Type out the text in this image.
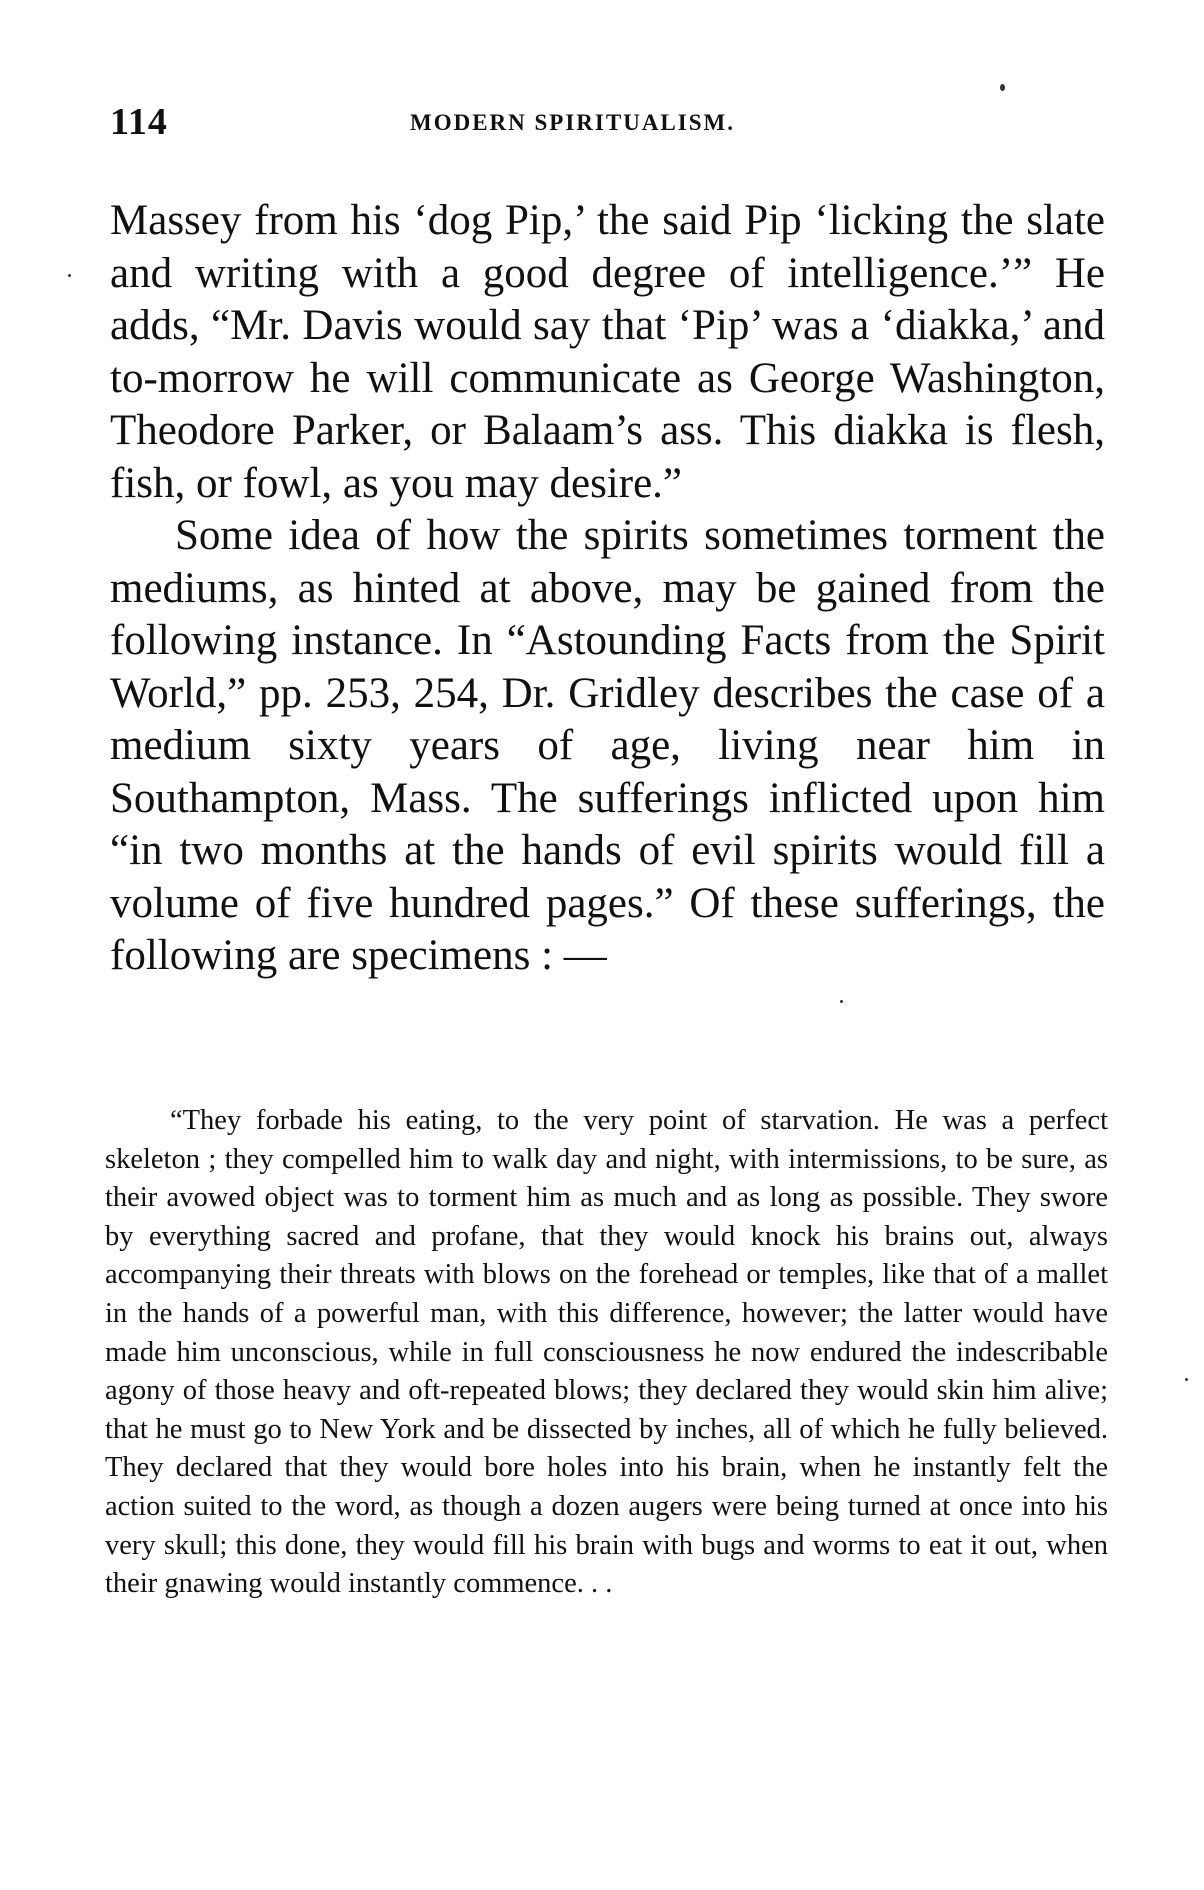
114	MODERN SPIRITUALISM.

Massey from his ‘dog Pip,’ the said Pip ‘licking the slate and writing with a good degree of intelligence.’” He adds, “Mr. Davis would say that ‘Pip’ was a ‘diakka,’ and to-morrow he will communicate as George Washington, Theodore Parker, or Balaam’s ass. This diakka is flesh, fish, or fowl, as you may desire.”

Some idea of how the spirits sometimes torment the mediums, as hinted at above, may be gained from the following instance. In “Astounding Facts from the Spirit World,” pp. 253, 254, Dr. Gridley describes the case of a medium sixty years of age, living near him in Southampton, Mass. The sufferings inflicted upon him “in two months at the hands of evil spirits would fill a volume of five hundred pages.” Of these sufferings, the following are specimens : —

“They forbade his eating, to the very point of starvation. He was a perfect skeleton ; they compelled him to walk day and night, with intermissions, to be sure, as their avowed object was to torment him as much and as long as possible. They swore by everything sacred and profane, that they would knock his brains out, always accompanying their threats with blows on the forehead or temples, like that of a mallet in the hands of a powerful man, with this difference, however; the latter would have made him unconscious, while in full consciousness he now endured the indescribable agony of those heavy and oft-repeated blows; they declared they would skin him alive; that he must go to New York and be dissected by inches, all of which he fully believed. They declared that they would bore holes into his brain, when he instantly felt the action suited to the word, as though a dozen augers were being turned at once into his very skull; this done, they would fill his brain with bugs and worms to eat it out, when their gnawing would instantly commence. . .
